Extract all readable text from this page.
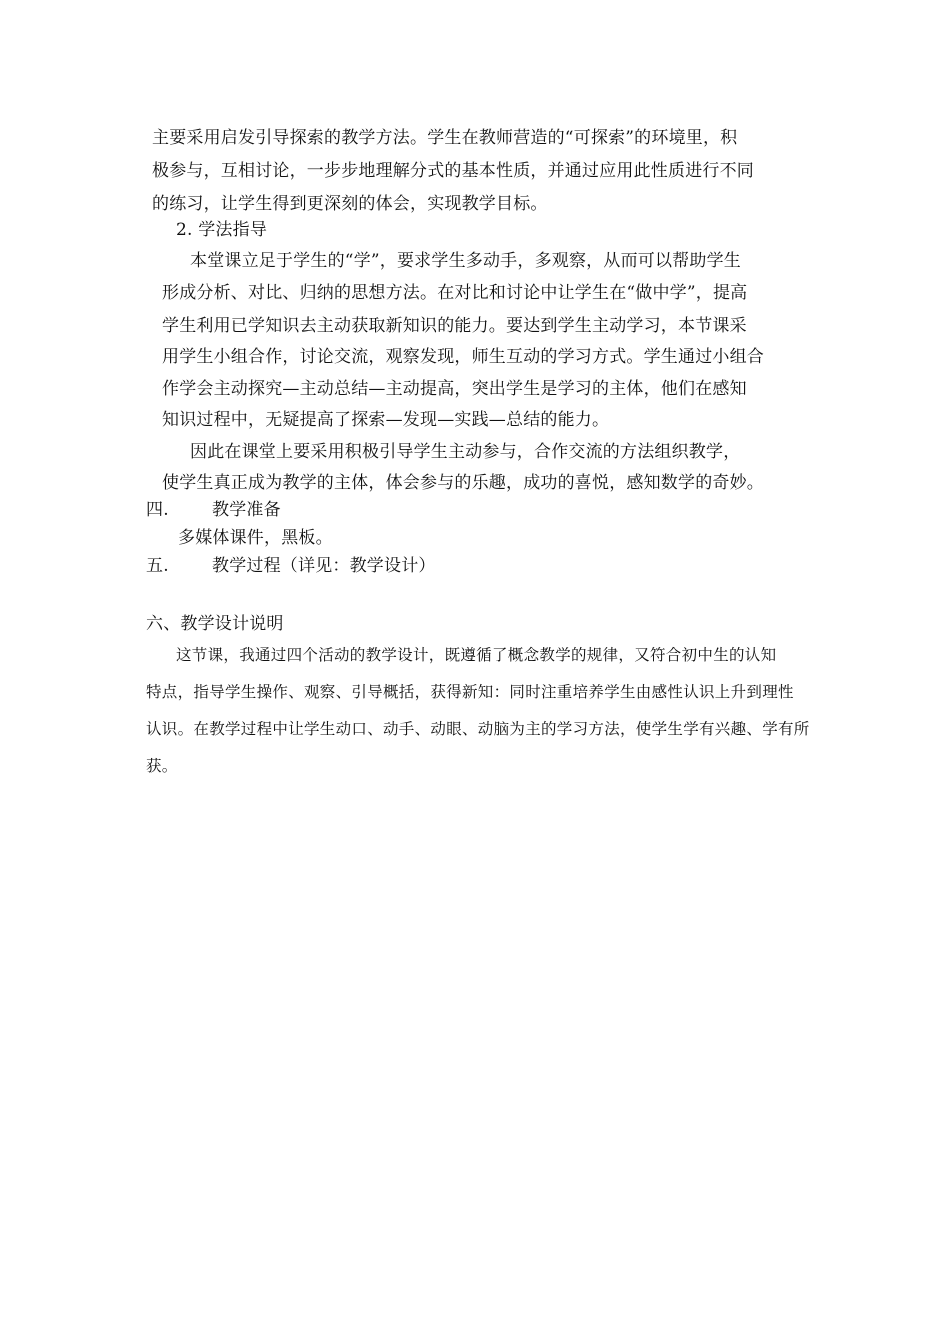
主要采用启发引导探索的教学方法。学生在教师营造的“可探索”的环境里，积
极参与，互相讨论，一步步地理解分式的基本性质，并通过应用此性质进行不同
的练习，让学生得到更深刻的体会，实现教学目标。
2. 学法指导
本堂课立足于学生的“学”，要求学生多动手，多观察，从而可以帮助学生
形成分析、对比、归纳的思想方法。在对比和讨论中让学生在“做中学”，提高
学生利用已学知识去主动获取新知识的能力。要达到学生主动学习，本节课采
用学生小组合作，讨论交流，观察发现，师生互动的学习方式。学生通过小组合
作学会主动探究—主动总结—主动提高，突出学生是学习的主体，他们在感知
知识过程中，无疑提高了探索—发现—实践—总结的能力。
因此在课堂上要采用积极引导学生主动参与，合作交流的方法组织教学，
使学生真正成为教学的主体，体会参与的乐趣，成功的喜悦，感知数学的奇妙。
四.	教学准备
多媒体课件，黑板。
五.	教学过程（详见：教学设计）
六、教学设计说明
这节课，我通过四个活动的教学设计，既遵循了概念教学的规律，又符合初中生的认知
特点，指导学生操作、观察、引导概括，获得新知：同时注重培养学生由感性认识上升到理性
认识。在教学过程中让学生动口、动手、动眼、动脑为主的学习方法，使学生学有兴趣、学有所
获。
